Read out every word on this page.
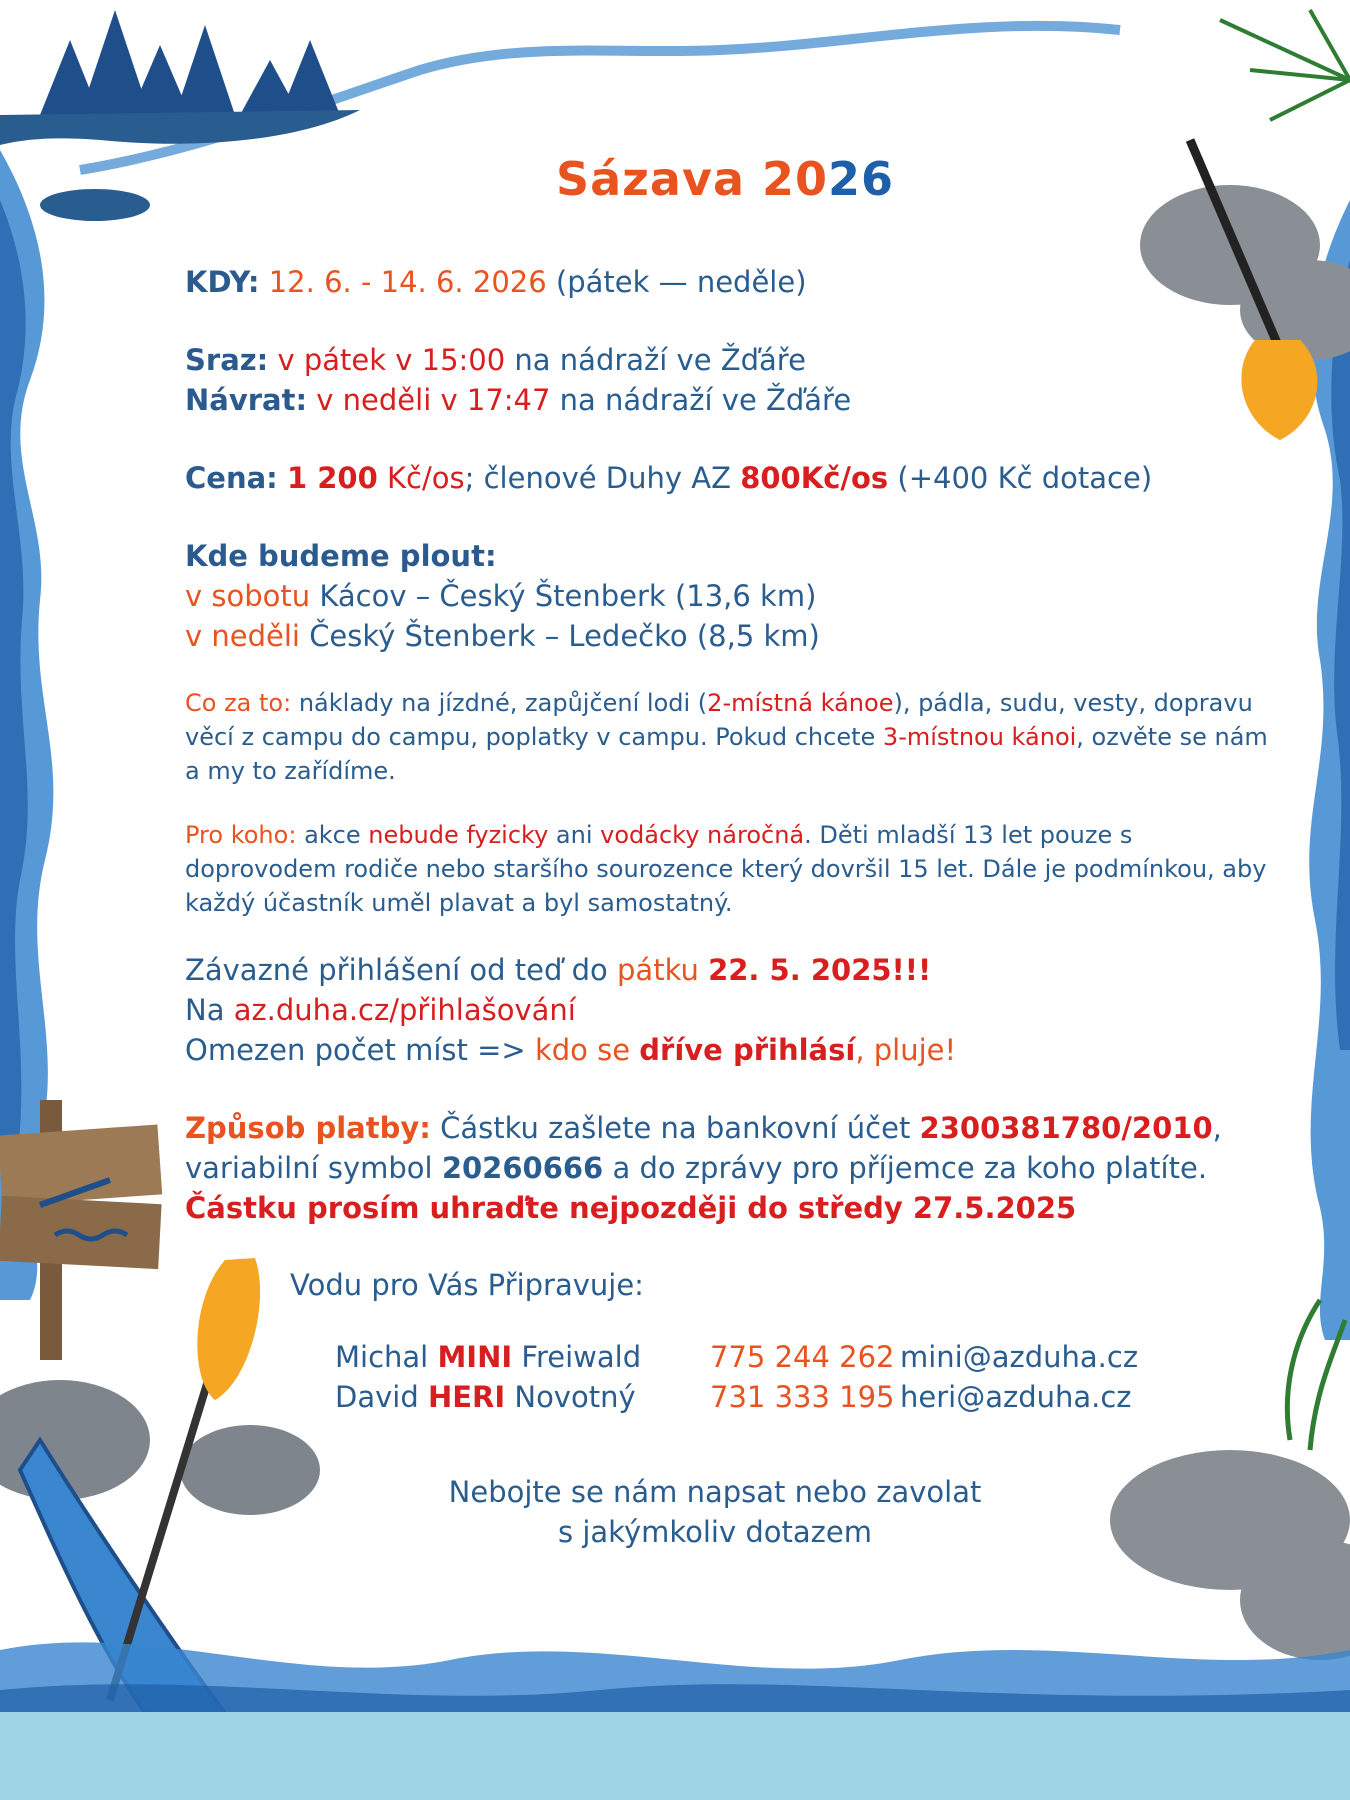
Sázava 2026
KDY: 12. 6. - 14. 6. 2026 (pátek — neděle)
Sraz: v pátek v 15:00 na nádraží ve Žďáře
Návrat: v neděli v 17:47 na nádraží ve Žďáře
Cena: 1 200 Kč/os; členové Duhy AZ 800Kč/os (+400 Kč dotace)
Kde budeme plout:
v sobotu Kácov – Český Štenberk (13,6 km)
v neděli Český Štenberk – Ledečko (8,5 km)
Co za to: náklady na jízdné, zapůjčení lodi (2-místná kánoe), pádla, sudu, vesty, dopravu věcí z campu do campu, poplatky v campu. Pokud chcete 3-místnou kánoi, ozvěte se nám a my to zařídíme.
Pro koho: akce nebude fyzicky ani vodácky náročná. Děti mladší 13 let pouze s doprovodem rodiče nebo staršího sourozence který dovršil 15 let. Dále je podmínkou, aby každý účastník uměl plavat a byl samostatný.
Závazné přihlášení od teď do pátku 22. 5. 2025!!!
Na az.duha.cz/přihlašování
Omezen počet míst => kdo se dříve přihlásí, pluje!
Způsob platby: Částku zašlete na bankovní účet 2300381780/2010,
variabilní symbol 20260666 a do zprávy pro příjemce za koho platíte.
Částku prosím uhraďte nejpozději do středy 27.5.2025
Vodu pro Vás Připravuje:
Michal MINI Freiwald 775 244 262 mini@azduha.cz
David HERI Novotný	731 333 195 heri@azduha.cz
Nebojte se nám napsat nebo zavolat
s jakýmkoliv dotazem
